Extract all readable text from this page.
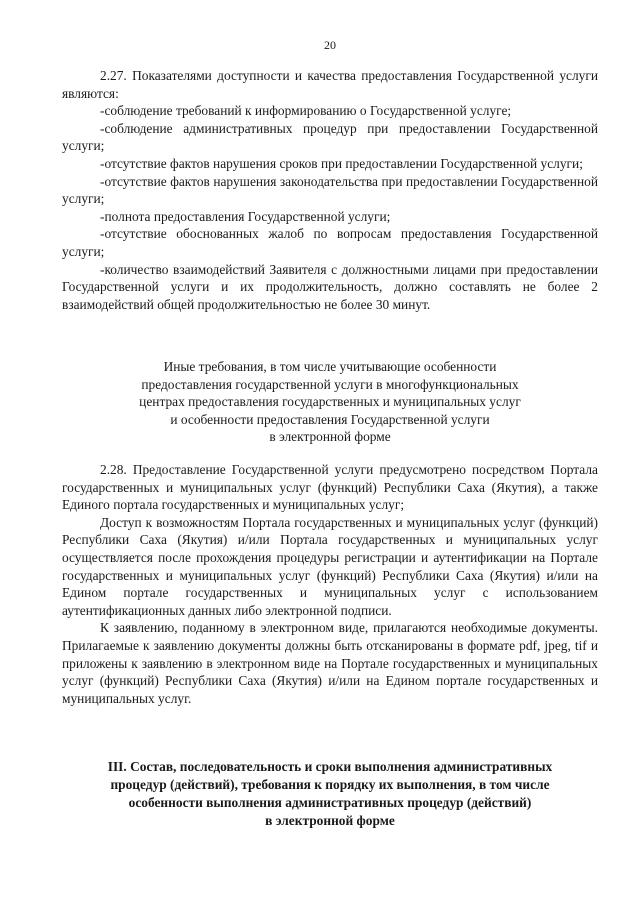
20

2.27. Показателями доступности и качества предоставления Государственной услуги являются:

-соблюдение требований к информированию о Государственной услуге;

-соблюдение административных процедур при предоставлении Государственной услуги;

-отсутствие фактов нарушения сроков при предоставлении Государственной услуги;

-отсутствие фактов нарушения законодательства при предоставлении Государственной услуги;

-полнота предоставления Государственной услуги;

-отсутствие обоснованных жалоб по вопросам предоставления Государственной услуги;

-количество взаимодействий Заявителя с должностными лицами при предоставлении Государственной услуги и их продолжительность, должно составлять не более 2 взаимодействий общей продолжительностью не более 30 минут.

Иные требования, в том числе учитывающие особенности
предоставления государственной услуги в многофункциональных
центрах предоставления государственных и муниципальных услуг
и особенности предоставления Государственной услуги
в электронной форме

2.28. Предоставление Государственной услуги предусмотрено посредством Портала государственных и муниципальных услуг (функций) Республики Саха (Якутия), а также Единого портала государственных и муниципальных услуг;

Доступ к возможностям Портала государственных и муниципальных услуг (функций) Республики Саха (Якутия) и/или Портала государственных и муниципальных услуг осуществляется после прохождения процедуры регистрации и аутентификации на Портале государственных и муниципальных услуг (функций) Республики Саха (Якутия) и/или на Едином портале государственных и муниципальных услуг с использованием аутентификационных данных либо электронной подписи.

К заявлению, поданному в электронном виде, прилагаются необходимые документы. Прилагаемые к заявлению документы должны быть отсканированы в формате pdf, jpeg, tif и приложены к заявлению в электронном виде на Портале государственных и муниципальных услуг (функций) Республики Саха (Якутия) и/или на Едином портале государственных и муниципальных услуг.

III. Состав, последовательность и сроки выполнения административных
процедур (действий), требования к порядку их выполнения, в том числе
особенности выполнения административных процедур (действий)
в электронной форме
